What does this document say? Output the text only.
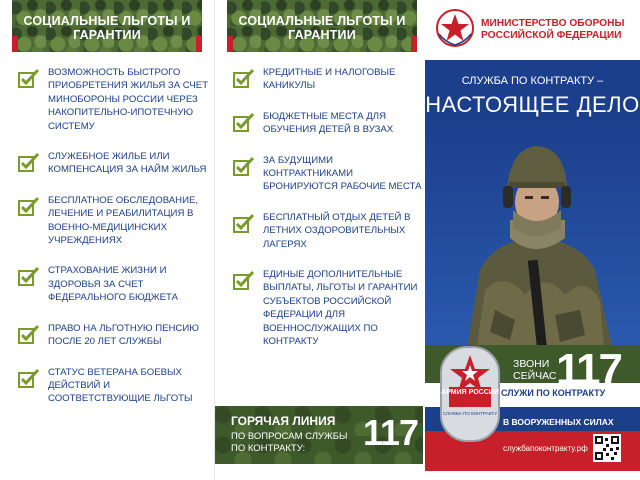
СОЦИАЛЬНЫЕ ЛЬГОТЫ И ГАРАНТИИ
ВОЗМОЖНОСТЬ БЫСТРОГО ПРИОБРЕТЕНИЯ ЖИЛЬЯ ЗА СЧЕТ МИНОБОРОНЫ РОССИИ ЧЕРЕЗ НАКОПИТЕЛЬНО-ИПОТЕЧНУЮ СИСТЕМУ
СЛУЖЕБНОЕ ЖИЛЬЕ ИЛИ КОМПЕНСАЦИЯ ЗА НАЙМ ЖИЛЬЯ
БЕСПЛАТНОЕ ОБСЛЕДОВАНИЕ, ЛЕЧЕНИЕ И РЕАБИЛИТАЦИЯ В ВОЕННО-МЕДИЦИНСКИХ УЧРЕЖДЕНИЯХ
СТРАХОВАНИЕ ЖИЗНИ И ЗДОРОВЬЯ ЗА СЧЕТ ФЕДЕРАЛЬНОГО БЮДЖЕТА
ПРАВО НА ЛЬГОТНУЮ ПЕНСИЮ ПОСЛЕ 20 ЛЕТ СЛУЖБЫ
СТАТУС ВЕТЕРАНА БОЕВЫХ ДЕЙСТВИЙ И СООТВЕТСТВУЮЩИЕ ЛЬГОТЫ
СОЦИАЛЬНЫЕ ЛЬГОТЫ И ГАРАНТИИ
КРЕДИТНЫЕ И НАЛОГОВЫЕ КАНИКУЛЫ
БЮДЖЕТНЫЕ МЕСТА ДЛЯ ОБУЧЕНИЯ ДЕТЕЙ В ВУЗАХ
ЗА БУДУЩИМИ КОНТРАКТНИКАМИ БРОНИРУЮТСЯ РАБОЧИЕ МЕСТА
БЕСПЛАТНЫЙ ОТДЫХ ДЕТЕЙ В ЛЕТНИХ ОЗДОРОВИТЕЛЬНЫХ ЛАГЕРЯХ
ЕДИНЫЕ ДОПОЛНИТЕЛЬНЫЕ ВЫПЛАТЫ, ЛЬГОТЫ И ГАРАНТИИ СУБЪЕКТОВ РОССИЙСКОЙ ФЕДЕРАЦИИ ДЛЯ ВОЕННОСЛУЖАЩИХ ПО КОНТРАКТУ
ГОРЯЧАЯ ЛИНИЯ
ПО ВОПРОСАМ СЛУЖБЫ ПО КОНТРАКТУ:	117
МИНИСТЕРСТВО ОБОРОНЫ РОССИЙСКОЙ ФЕДЕРАЦИИ
СЛУЖБА ПО КОНТРАКТУ –
НАСТОЯЩЕЕ ДЕЛО
АРМИЯ РОССИИ
СЛУЖБА ПО КОНТРАКТУ
ЗВОНИ СЕЙЧАС 117
СЛУЖИ ПО КОНТРАКТУ
В ВООРУЖЕННЫХ СИЛАХ
службапоконтракту.рф
